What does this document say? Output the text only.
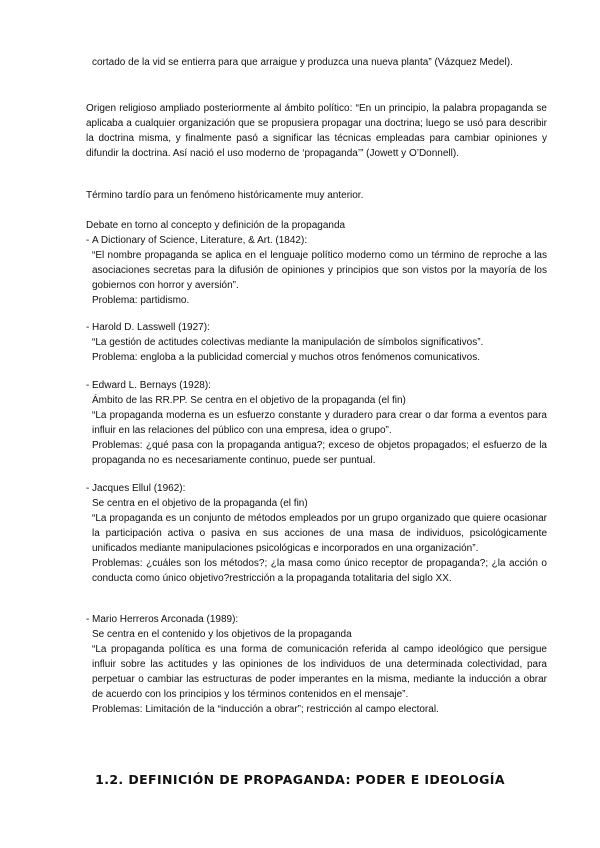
cortado de la vid se entierra para que arraigue y produzca una nueva planta” (Vázquez Medel).

Origen religioso ampliado posteriormente al ámbito político: “En un principio, la palabra propaganda se aplicaba a cualquier organización que se propusiera propagar una doctrina; luego se usó para describir la doctrina misma, y finalmente pasó a significar las técnicas empleadas para cambiar opiniones y difundir la doctrina. Así nació el uso moderno de ‘propaganda’” (Jowett y O’Donnell).

Término tardío para un fenómeno históricamente muy anterior.

Debate en torno al concepto y definición de la propaganda

- A Dictionary of Science, Literature, & Art. (1842):

“El nombre propaganda se aplica en el lenguaje político moderno como un término de reproche a las asociaciones secretas para la difusión de opiniones y principios que son vistos por la mayoría de los gobiernos con horror y aversión”.

Problema: partidismo.

- Harold D. Lasswell (1927):

“La gestión de actitudes colectivas mediante la manipulación de símbolos significativos”.

Problema: engloba a la publicidad comercial y muchos otros fenómenos comunicativos.

- Edward L. Bernays (1928):

Ámbito de las RR.PP. Se centra en el objetivo de la propaganda (el fin)

“La propaganda moderna es un esfuerzo constante y duradero para crear o dar forma a eventos para influir en las relaciones del público con una empresa, idea o grupo”.

Problemas: ¿qué pasa con la propaganda antigua?; exceso de objetos propagados; el esfuerzo de la propaganda no es necesariamente continuo, puede ser puntual.

- Jacques Ellul (1962):

Se centra en el objetivo de la propaganda (el fin)

“La propaganda es un conjunto de métodos empleados por un grupo organizado que quiere ocasionar la participación activa o pasiva en sus acciones de una masa de individuos, psicológicamente unificados mediante manipulaciones psicológicas e incorporados en una organización”.

Problemas: ¿cuáles son los métodos?; ¿la masa como único receptor de propaganda?; ¿la acción o conducta como único objetivo?restricción a la propaganda totalitaria del siglo XX.

- Mario Herreros Arconada (1989):

Se centra en el contenido y los objetivos de la propaganda

“La propaganda política es una forma de comunicación referida al campo ideológico que persigue influir sobre las actitudes y las opiniones de los individuos de una determinada colectividad, para perpetuar o cambiar las estructuras de poder imperantes en la misma, mediante la inducción a obrar de acuerdo con los principios y los términos contenidos en el mensaje”.

Problemas: Limitación de la “inducción a obrar”; restricción al campo electoral.

1.2. DEFINICIÓN DE PROPAGANDA: PODER E IDEOLOGÍA
